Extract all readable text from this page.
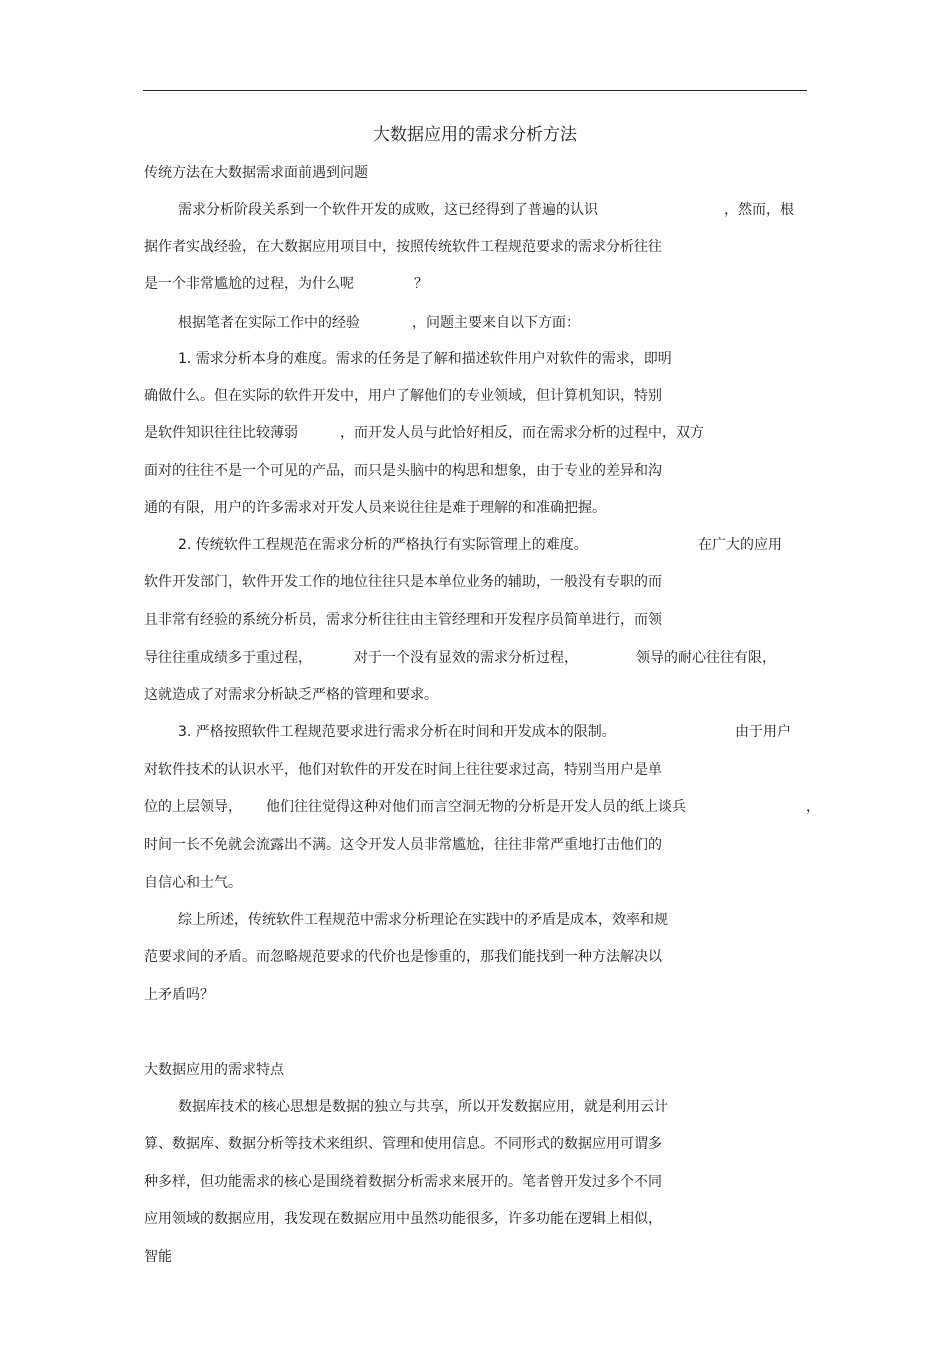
大数据应用的需求分析方法
传统方法在大数据需求面前遇到问题
需求分析阶段关系到一个软件开发的成败，这已经得到了普遍的认识	，然而，根
据作者实战经验，在大数据应用项目中，按照传统软件工程规范要求的需求分析往往
是一个非常尴尬的过程，为什么呢	？
根据笔者在实际工作中的经验	，问题主要来自以下方面：
1. 需求分析本身的难度。需求的任务是了解和描述软件用户对软件的需求，即明
确做什么。但在实际的软件开发中，用户了解他们的专业领域，但计算机知识，特别
是软件知识往往比较薄弱	，而开发人员与此恰好相反，而在需求分析的过程中，双方
面对的往往不是一个可见的产品，而只是头脑中的构思和想象，由于专业的差异和沟
通的有限，用户的许多需求对开发人员来说往往是难于理解的和准确把握。
2. 传统软件工程规范在需求分析的严格执行有实际管理上的难度。	在广大的应用
软件开发部门，软件开发工作的地位往往只是本单位业务的辅助，一般没有专职的而
且非常有经验的系统分析员，需求分析往往由主管经理和开发程序员简单进行，而领
导往往重成绩多于重过程，	对于一个没有显效的需求分析过程，	领导的耐心往往有限，
这就造成了对需求分析缺乏严格的管理和要求。
3. 严格按照软件工程规范要求进行需求分析在时间和开发成本的限制。	由于用户
对软件技术的认识水平，他们对软件的开发在时间上往往要求过高，特别当用户是单
位的上层领导， 他们往往觉得这种对他们而言空洞无物的分析是开发人员的纸上谈兵	，
时间一长不免就会流露出不满。这令开发人员非常尴尬，往往非常严重地打击他们的
自信心和士气。
综上所述，传统软件工程规范中需求分析理论在实践中的矛盾是成本，效率和规
范要求间的矛盾。而忽略规范要求的代价也是惨重的，那我们能找到一种方法解决以
上矛盾吗？
大数据应用的需求特点
数据库技术的核心思想是数据的独立与共享，所以开发数据应用，就是利用云计
算、数据库、数据分析等技术来组织、管理和使用信息。不同形式的数据应用可谓多
种多样，但功能需求的核心是围绕着数据分析需求来展开的。笔者曾开发过多个不同
应用领域的数据应用，我发现在数据应用中虽然功能很多，许多功能在逻辑上相似，
智能
